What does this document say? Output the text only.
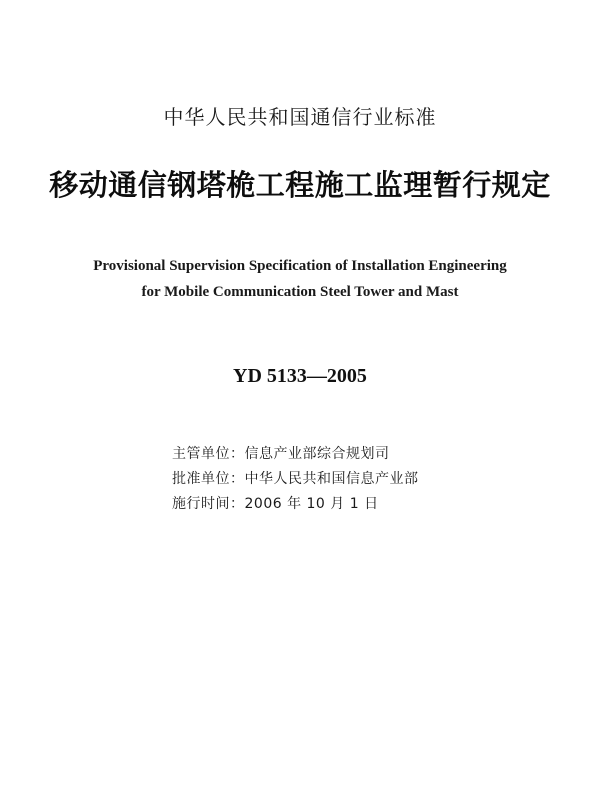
中华人民共和国通信行业标准
移动通信钢塔桅工程施工监理暂行规定
Provisional Supervision Specification of Installation Engineering
for Mobile Communication Steel Tower and Mast
YD 5133—2005
主管单位：信息产业部综合规划司
批准单位：中华人民共和国信息产业部
施行时间：2006 年 10 月 1 日
